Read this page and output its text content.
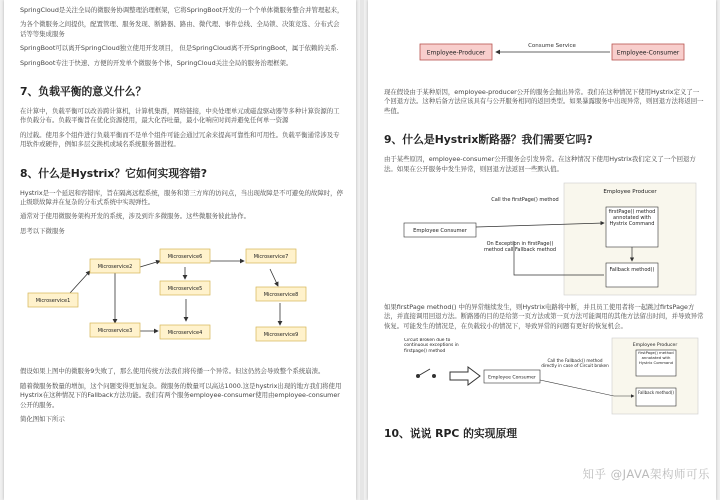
SpringCloud是关注全局的微服务协调整理治理框架，它将SpringBoot开发的一个个单体微服务整合并管理起来，
为各个微服务之间提供，配置管理、服务发现、断路器、路由、微代理、事件总线、全局锁、决策竞选、分布式会话等等集成服务
SpringBoot可以离开SpringCloud独立使用开发项目， 但是SpringCloud离不开SpringBoot，属于依赖的关系.
SpringBoot专注于快速、方便的开发单个微服务个体，SpringCloud关注全局的服务治理框架。
7、负载平衡的意义什么？
在计算中，负载平衡可以改善跨计算机，计算机集群，网络链接，中央处理单元或磁盘驱动器等多种计算资源的工作负载分布。负载平衡旨在优化资源使用，最大化吞吐量，最小化响应时间并避免任何单一资源
的过载。使用多个组件进行负载平衡而不是单个组件可能会通过冗余来提高可靠性和可用性。负载平衡通常涉及专用软件或硬件，例如多层交换机或域名系统服务器进程。
8、什么是Hystrix？它如何实现容错?
Hystrix是一个延迟和容错库，旨在隔离远程系统，服务和第三方库的访问点，当出现故障是不可避免的故障时，停止级联故障并在复杂的分布式系统中实现弹性。
通常对于使用微服务架构开发的系统，涉及到许多微服务。这些微服务彼此协作。
思考以下微服务
Microservice1
Microservice2
Microservice3	Microservice4
Microservice5
Microservice6	Microservice7
Microservice8
Microservice9
假设如果上图中的微服务9失败了，那么使用传统方法我们将传播一个异常。但这仍然会导致整个系统崩溃。
随着微服务数量的增加，这个问题变得更加复杂。微服务的数量可以高达1000.这是hystrix出现的地方我们将使用Hystrix在这种情况下的Fallback方法功能。我们有两个服务employee-consumer使用由employee-consumer公开的服务。
简化图如下所示
Employee-Producer	Employee-Consumer
Consume Service
现在假设由于某种原因，employee-producer公开的服务会抛出异常。我们在这种情况下使用Hystrix定义了一个回退方法。这种后备方法应该具有与公开服务相同的返回类型。如果暴露服务中出现异常，则回退方法将返回一些值。
9、什么是Hystrix断路器？我们需要它吗?
由于某些原因，employee-consumer公开服务会引发异常。在这种情况下使用Hystrix我们定义了一个回退方法。如果在公开服务中发生异常，则回退方法返回一些默认值。
Employee Producer
Employee Consumer
firstPage() method annotated with Hystrix Command
Fallback method()
Call the firstPage() method
On Exception in firstPage() method call Fallback method
如果firstPage method() 中的异常继续发生，则Hystrix电路将中断，并且员工使用者将一起跳过firtsPage方法，并直接调用回退方法。断路器的目的是给第一页方法或第一页方法可能调用的其他方法留出时间，并导致异常恢复。可能发生的情况是，在负载较小的情况下，导致异常的问题有更好的恢复机会。
Circuit Broken due to continuous exceptions in firstpage() method
Employee Consumer
Call the Fallback() method directly in case of Circuit broken
Employee Producer
firstPage() method annotated with Hystrix Command
Fallback method()
10、说说 RPC 的实现原理
知乎 @JAVA架构师可乐
